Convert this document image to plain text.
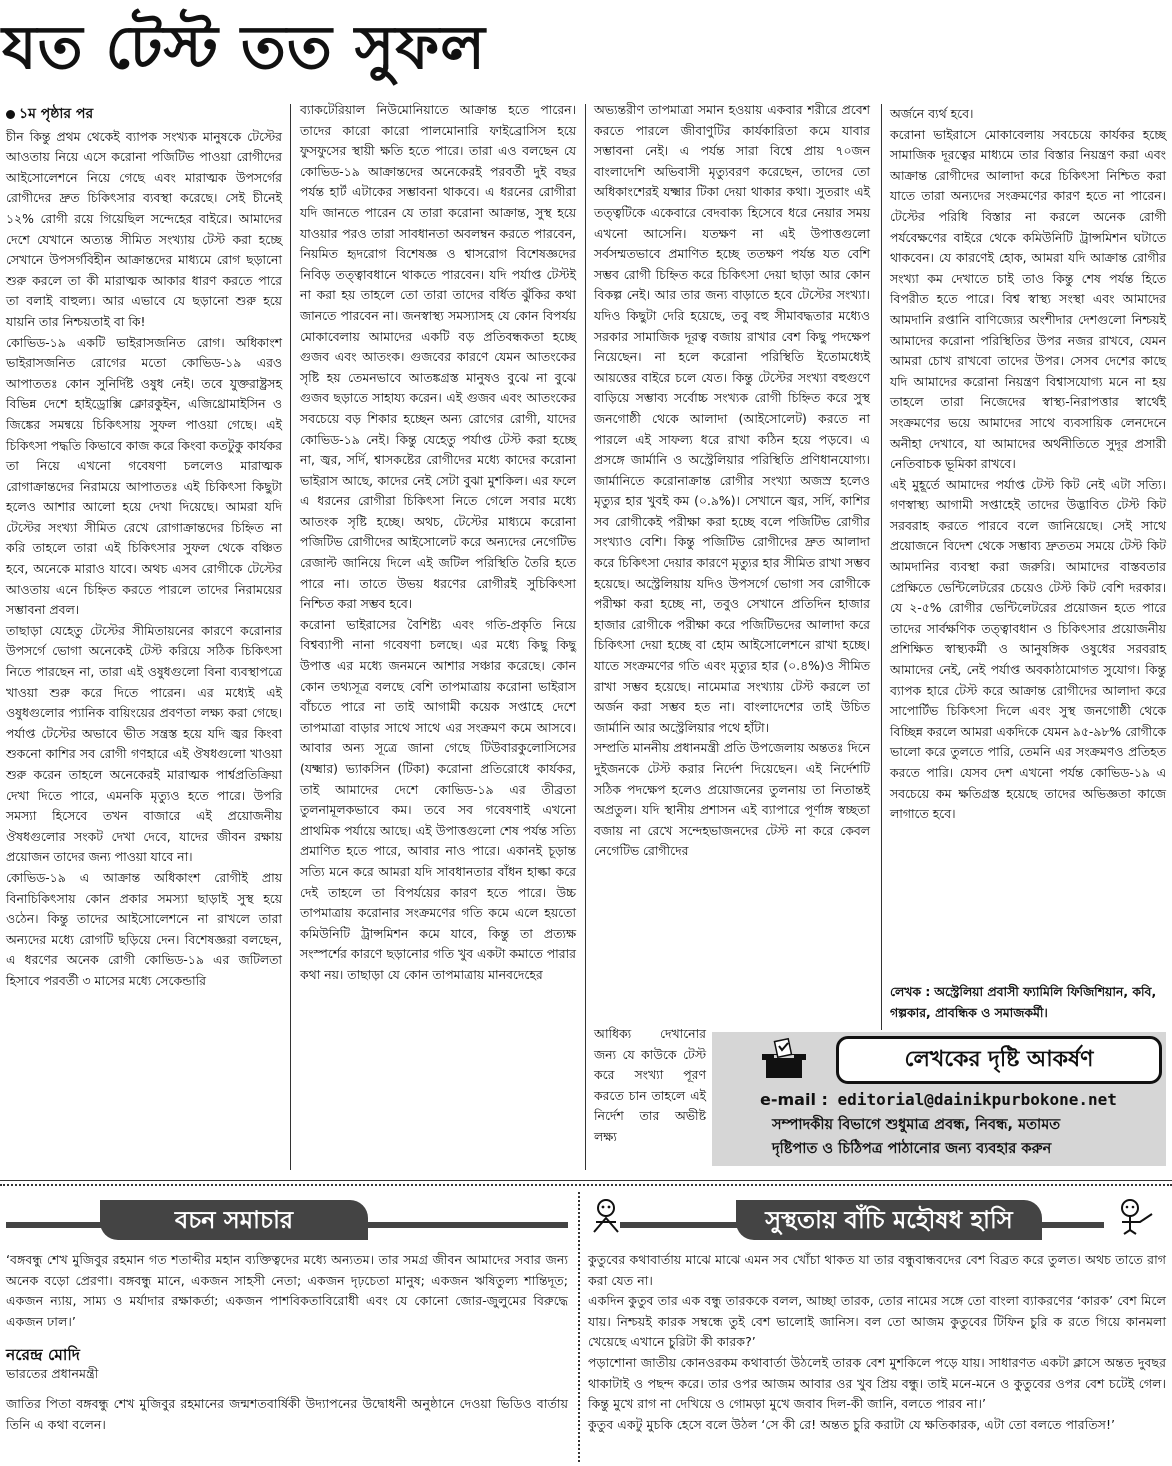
যত টেস্ট তত সুফল
১ম পৃষ্ঠার পর

চীন কিন্তু প্রথম থেকেই ব্যাপক সংখ্যক মানুষকে টেস্টের আওতায় নিয়ে এসে করোনা পজিটিভ পাওয়া রোগীদের আইসোলেশনে নিয়ে গেছে এবং মারাত্মক উপসর্গের রোগীদের দ্রুত চিকিৎসার ব্যবস্থা করেছে। সেই চীনেই ১২% রোগী রয়ে গিয়েছিল সন্দেহের বাইরে। আমাদের দেশে যেখানে অত্যন্ত সীমিত সংখ্যায় টেস্ট করা হচ্ছে সেখানে উপসর্গবিহীন আক্রান্তদের মাধ্যমে রোগ ছড়ানো শুরু করলে তা কী মারাত্মক আকার ধারণ করতে পারে তা বলাই বাহুল্য। আর এভাবে যে ছড়ানো শুরু হয়ে যায়নি তার নিশ্চয়তাই বা কি!

কোভিড-১৯ একটি ভাইরাসজনিত রোগ। অধিকাংশ ভাইরাসজনিত রোগের মতো কোভিড-১৯ এরও আপাততঃ কোন সুনির্দিষ্ট ওষুধ নেই। তবে যুক্তরাষ্ট্রসহ বিভিন্ন দেশে হাইড্রোক্সি ক্লোরকুইন, এজিথ্রোমাইসিন ও জিঙ্কের সমন্বয়ে চিকিৎসায় সুফল পাওয়া গেছে। এই চিকিৎসা পদ্ধতি কিভাবে কাজ করে কিংবা কতটুকু কার্যকর তা নিয়ে এখনো গবেষণা চললেও মারাত্মক রোগাক্রান্তদের নিরাময়ে আপাততঃ এই চিকিৎসা কিছুটা হলেও আশার আলো হয়ে দেখা দিয়েছে। আমরা যদি টেস্টের সংখ্যা সীমিত রেখে রোগাক্রান্তদের চিহ্নিত না করি তাহলে তারা এই চিকিৎসার সুফল থেকে বঞ্চিত হবে, অনেকে মারাও যাবে। অথচ এসব রোগীকে টেস্টের আওতায় এনে চিহ্নিত করতে পারলে তাদের নিরাময়ের সম্ভাবনা প্রবল।

তাছাড়া যেহেতু টেস্টের সীমিতায়নের কারণে করোনার উপসর্গে ভোগা অনেকেই টেস্ট করিয়ে সঠিক চিকিৎসা নিতে পারছেন না, তারা এই ওষুধগুলো বিনা ব্যবস্থাপত্রে খাওয়া শুরু করে দিতে পারেন। এর মধ্যেই এই ওষুধগুলোর প্যানিক বায়িংয়ের প্রবণতা লক্ষ্য করা গেছে। পর্যাপ্ত টেস্টের অভাবে ভীত সন্ত্রস্ত হয়ে যদি জ্বর কিংবা শুকনো কাশির সব রোগী গণহারে এই ঔষধগুলো খাওয়া শুরু করেন তাহলে অনেকেরই মারাত্মক পার্শ্বপ্রতিক্রিয়া দেখা দিতে পারে, এমনকি মৃত্যুও হতে পারে। উপরি সমস্যা হিসেবে তখন বাজারে এই প্রয়োজনীয় ঔষধগুলোর সংকট দেখা দেবে, যাদের জীবন রক্ষায় প্রয়োজন তাদের জন্য পাওয়া যাবে না।

কোভিড-১৯ এ আক্রান্ত অধিকাংশ রোগীই প্রায় বিনাচিকিৎসায় কোন প্রকার সমস্যা ছাড়াই সুস্থ হয়ে ওঠেন। কিন্তু তাদের আইসোলেশনে না রাখলে তারা অন্যদের মধ্যে রোগটি ছড়িয়ে দেন। বিশেষজ্ঞরা বলছেন, এ ধরণের অনেক রোগী কোভিড-১৯ এর জটিলতা হিসাবে পরবর্তী ৩ মাসের মধ্যে সেকেন্ডারি

ব্যাকটেরিয়াল নিউমোনিয়াতে আক্রান্ত হতে পারেন। তাদের কারো কারো পালমোনারি ফাইব্রোসিস হয়ে ফুসফুসের স্থায়ী ক্ষতি হতে পারে। তারা এও বলছেন যে কোভিড-১৯ আক্রান্তদের অনেকেরই পরবর্তী দুই বছর পর্যন্ত হার্ট এটাকের সম্ভাবনা থাকবে। এ ধরনের রোগীরা যদি জানতে পারেন যে তারা করোনা আক্রান্ত, সুস্থ হয়ে যাওয়ার পরও তারা সাবধানতা অবলম্বন করতে পারবেন, নিয়মিত হৃদরোগ বিশেষজ্ঞ ও শ্বাসরোগ বিশেষজ্ঞদের নিবিড় তত্ত্বাবধানে থাকতে পারবেন। যদি পর্যাপ্ত টেস্টই না করা হয় তাহলে তো তারা তাদের বর্ধিত ঝুঁকির কথা জানতে পারবেন না। জনস্বাস্থ্য সমস্যাসহ যে কোন বিপর্যয় মোকাবেলায় আমাদের একটি বড় প্রতিবন্ধকতা হচ্ছে গুজব এবং আতংক। গুজবের কারণে যেমন আতংকের সৃষ্টি হয় তেমনভাবে আতঙ্কগ্রস্ত মানুষও বুঝে না বুঝে গুজব ছড়াতে সাহায্য করেন। এই গুজব এবং আতংকের সবচেয়ে বড় শিকার হচ্ছেন অন্য রোগের রোগী, যাদের কোভিড-১৯ নেই। কিন্তু যেহেতু পর্যাপ্ত টেস্ট করা হচ্ছে না, জ্বর, সর্দি, শ্বাসকষ্টের রোগীদের মধ্যে কাদের করোনা ভাইরাস আছে, কাদের নেই সেটা বুঝা মুশকিল। এর ফলে এ ধরনের রোগীরা চিকিৎসা নিতে গেলে সবার মধ্যে আতংক সৃষ্টি হচ্ছে। অথচ, টেস্টের মাধ্যমে করোনা পজিটিভ রোগীদের আইসোলেট করে অন্যদের নেগেটিভ রেজাল্ট জানিয়ে দিলে এই জটিল পরিস্থিতি তৈরি হতে পারে না। তাতে উভয় ধরণের রোগীরই সুচিকিৎসা নিশ্চিত করা সম্ভব হবে।

করোনা ভাইরাসের বৈশিষ্ট্য এবং গতি-প্রকৃতি নিয়ে বিশ্বব্যাপী নানা গবেষণা চলছে। এর মধ্যে কিছু কিছু উপাত্ত এর মধ্যে জনমনে আশার সঞ্চার করেছে। কোন কোন তথ্যসূত্র বলছে বেশি তাপমাত্রায় করোনা ভাইরাস বাঁচতে পারে না তাই আগামী কয়েক সপ্তাহে দেশে তাপমাত্রা বাড়ার সাথে সাথে এর সংক্রমণ কমে আসবে। আবার অন্য সূত্রে জানা গেছে টিউবারকুলোসিসের (যক্ষ্মার) ভ্যাকসিন (টিকা) করোনা প্রতিরোধে কার্যকর, তাই আমাদের দেশে কোভিড-১৯ এর তীব্রতা তুলনামূলকভাবে কম। তবে সব গবেষণাই এখনো প্রাথমিক পর্যায়ে আছে। এই উপাত্তগুলো শেষ পর্যন্ত সত্যি প্রমাণিত হতে পারে, আবার নাও পারে। একানই চূড়ান্ত সত্যি মনে করে আমরা যদি সাবধানতার বাঁধন হাল্কা করে দেই তাহলে তা বিপর্যয়ের কারণ হতে পারে। উচ্চ তাপমাত্রায় করোনার সংক্রমণের গতি কমে এলে হয়তো কমিউনিটি ট্রান্সমিশন কমে যাবে, কিন্তু তা প্রত্যক্ষ সংস্পর্শের কারণে ছড়ানোর গতি খুব একটা কমাতে পারার কথা নয়। তাছাড়া যে কোন তাপমাত্রায় মানবদেহের

অভ্যন্তরীণ তাপমাত্রা সমান হওয়ায় একবার শরীরে প্রবেশ করতে পারলে জীবাণুটির কার্যকারিতা কমে যাবার সম্ভাবনা নেই। এ পর্যন্ত সারা বিশ্বে প্রায় ৭০জন বাংলাদেশি অভিবাসী মৃত্যুবরণ করেছেন, তাদের তো অধিকাংশেরই যক্ষ্মার টিকা দেয়া থাকার কথা। সুতরাং এই তত্ত্বটিকে একেবারে বেদবাক্য হিসেবে ধরে নেয়ার সময় এখনো আসেনি। যতক্ষণ না এই উপাত্তগুলো সর্বসম্মতভাবে প্রমাণিত হচ্ছে ততক্ষণ পর্যন্ত যত বেশি সম্ভব রোগী চিহ্নিত করে চিকিৎসা দেয়া ছাড়া আর কোন বিকল্প নেই। আর তার জন্য বাড়াতে হবে টেস্টের সংখ্যা। যদিও কিছুটা দেরি হয়েছে, তবু বহু সীমাবদ্ধতার মধ্যেও সরকার সামাজিক দূরত্ব বজায় রাখার বেশ কিছু পদক্ষেপ নিয়েছেন। না হলে করোনা পরিস্থিতি ইতোমধ্যেই আয়ত্তের বাইরে চলে যেত। কিন্তু টেস্টের সংখ্যা বহুগুণে বাড়িয়ে সম্ভাব্য সর্বোচ্চ সংখ্যক রোগী চিহ্নিত করে সুস্থ জনগোষ্ঠী থেকে আলাদা (আইসোলেট) করতে না পারলে এই সাফল্য ধরে রাখা কঠিন হয়ে পড়বে। এ প্রসঙ্গে জার্মানি ও অস্ট্রেলিয়ার পরিস্থিতি প্রণিধানযোগ্য। জার্মানিতে করোনাক্রান্ত রোগীর সংখ্যা অজস্র হলেও মৃত্যুর হার খুবই কম (০.৯%)। সেখানে জ্বর, সর্দি, কাশির সব রোগীকেই পরীক্ষা করা হচ্ছে বলে পজিটিভ রোগীর সংখ্যাও বেশি। কিন্তু পজিটিভ রোগীদের দ্রুত আলাদা করে চিকিৎসা দেয়ার কারণে মৃত্যুর হার সীমিত রাখা সম্ভব হয়েছে। অস্ট্রেলিয়ায় যদিও উপসর্গে ভোগা সব রোগীকে পরীক্ষা করা হচ্ছে না, তবুও সেখানে প্রতিদিন হাজার হাজার রোগীকে পরীক্ষা করে পজিটিভদের আলাদা করে চিকিৎসা দেয়া হচ্ছে বা হোম আইসোলেশনে রাখা হচ্ছে। যাতে সংক্রমণের গতি এবং মৃত্যুর হার (০.৪%)ও সীমিত রাখা সম্ভব হয়েছে। নামেমাত্র সংখ্যায় টেস্ট করলে তা অর্জন করা সম্ভব হত না। বাংলাদেশের তাই উচিত জার্মানি আর অস্ট্রেলিয়ার পথে হাঁটা।

সম্প্রতি মাননীয় প্রধানমন্ত্রী প্রতি উপজেলায় অন্ততঃ দিনে দুইজনকে টেস্ট করার নির্দেশ দিয়েছেন। এই নির্দেশটি সঠিক পদক্ষেপ হলেও প্রয়োজনের তুলনায় তা নিতান্তই অপ্রতুল। যদি স্থানীয় প্রশাসন এই ব্যাপারে পূর্ণাঙ্গ স্বচ্ছতা বজায় না রেখে সন্দেহভাজনদের টেস্ট না করে কেবল নেগেটিভ রোগীদের

আধিক্য দেখানোর জন্য যে কাউকে টেস্ট করে সংখ্যা পূরণ করতে চান তাহলে এই নির্দেশ তার অভীষ্ট লক্ষ্য

অর্জনে ব্যর্থ হবে।

করোনা ভাইরাসে মোকাবেলায় সবচেয়ে কার্যকর হচ্ছে সামাজিক দূরত্বের মাধ্যমে তার বিস্তার নিয়ন্ত্রণ করা এবং আক্রান্ত রোগীদের আলাদা করে চিকিৎসা নিশ্চিত করা যাতে তারা অন্যদের সংক্রমণের কারণ হতে না পারেন। টেস্টের পরিধি বিস্তার না করলে অনেক রোগী পর্যবেক্ষণের বাইরে থেকে কমিউনিটি ট্রান্সমিশন ঘটাতে থাকবেন। যে কারণেই হোক, আমরা যদি আক্রান্ত রোগীর সংখ্যা কম দেখাতে চাই তাও কিন্তু শেষ পর্যন্ত হিতে বিপরীত হতে পারে। বিশ্ব স্বাস্থ্য সংস্থা এবং আমাদের আমদানি রপ্তানি বাণিজ্যের অংশীদার দেশগুলো নিশ্চয়ই আমাদের করোনা পরিস্থিতির উপর নজর রাখবে, যেমন আমরা চোখ রাখবো তাদের উপর। সেসব দেশের কাছে যদি আমাদের করোনা নিয়ন্ত্রণ বিশ্বাসযোগ্য মনে না হয় তাহলে তারা নিজেদের স্বাস্থ্য-নিরাপত্তার স্বার্থেই সংক্রমণের ভয়ে আমাদের সাথে ব্যবসায়িক লেনদেনে অনীহা দেখাবে, যা আমাদের অর্থনীতিতে সুদূর প্রসারী নেতিবাচক ভূমিকা রাখবে।

এই মুহূর্তে আমাদের পর্যাপ্ত টেস্ট কিট নেই এটা সত্যি। গণস্বাস্থ্য আগামী সপ্তাহেই তাদের উদ্ভাবিত টেস্ট কিট সরবরাহ করতে পারবে বলে জানিয়েছে। সেই সাথে প্রয়োজনে বিদেশ থেকে সম্ভাব্য দ্রুততম সময়ে টেস্ট কিট আমদানির ব্যবস্থা করা জরুরি। আমাদের বাস্তবতার প্রেক্ষিতে ভেন্টিলেটরের চেয়েও টেস্ট কিট বেশি দরকার। যে ২-৫% রোগীর ভেন্টিলেটরের প্রয়োজন হতে পারে তাদের সার্বক্ষণিক তত্ত্বাবধান ও চিকিৎসার প্রয়োজনীয় প্রশিক্ষিত স্বাস্থ্যকর্মী ও আনুষঙ্গিক ওষুধের সরবরাহ আমাদের নেই, নেই পর্যাপ্ত অবকাঠামোগত সুযোগ। কিন্তু ব্যাপক হারে টেস্ট করে আক্রান্ত রোগীদের আলাদা করে সাপোর্টিভ চিকিৎসা দিলে এবং সুস্থ জনগোষ্ঠী থেকে বিচ্ছিন্ন করলে আমরা একদিকে যেমন ৯৫-৯৮% রোগীকে ভালো করে তুলতে পারি, তেমনি এর সংক্রমণও প্রতিহত করতে পারি। যেসব দেশ এখনো পর্যন্ত কোভিড-১৯ এ সবচেয়ে কম ক্ষতিগ্রস্ত হয়েছে তাদের অভিজ্ঞতা কাজে লাগাতে হবে।

লেখক : অস্ট্রেলিয়া প্রবাসী ফ্যামিলি ফিজিশিয়ান, কবি, গল্পকার, প্রাবন্ধিক ও সমাজকর্মী।
লেখকের দৃষ্টি আকর্ষণ
e-mail : editorial@dainikpurbokone.net
সম্পাদকীয় বিভাগে শুধুমাত্র প্রবন্ধ, নিবন্ধ, মতামত
দৃষ্টিপাত ও চিঠিপত্র পাঠানোর জন্য ব্যবহার করুন
বচন সমাচার
‘বঙ্গবন্ধু শেখ মুজিবুর রহমান গত শতাব্দীর মহান ব্যক্তিত্বদের মধ্যে অন্যতম। তার সমগ্র জীবন আমাদের সবার জন্য অনেক বড়ো প্রেরণা। বঙ্গবন্ধু মানে, একজন সাহসী নেতা; একজন দৃঢ়চেতা মানুষ; একজন ঋষিতুল্য শান্তিদূত; একজন ন্যায়, সাম্য ও মর্যাদার রক্ষাকর্তা; একজন পাশবিকতাবিরোধী এবং যে কোনো জোর-জুলুমের বিরুদ্ধে একজন ঢাল।’
নরেন্দ্র মোদি
ভারতের প্রধানমন্ত্রী
জাতির পিতা বঙ্গবন্ধু শেখ মুজিবুর রহমানের জন্মশতবার্ষিকী উদ্যাপনের উদ্বোধনী অনুষ্ঠানে দেওয়া ভিডিও বার্তায় তিনি এ কথা বলেন।
সুস্থতায় বাঁচি মহৌষধ হাসি

কুতুবের কথাবার্তায় মাঝে মাঝে এমন সব খোঁচা থাকত যা তার বন্ধুবান্ধবদের বেশ বিব্রত করে তুলত। অথচ তাতে রাগ করা যেত না।

একদিন কুতুব তার এক বন্ধু তারককে বলল, আচ্ছা তারক, তোর নামের সঙ্গে তো বাংলা ব্যাকরণের ‘কারক’ বেশ মিলে যায়। নিশ্চয়ই কারক সম্বন্ধে তুই বেশ ভালোই জানিস। বল তো আজম কুতুবের টিফিন চুরি ক রতে গিয়ে কানমলা খেয়েছে এখানে চুরিটা কী কারক?’

পড়াশোনা জাতীয় কোনওরকম কথাবার্তা উঠলেই তারক বেশ মুশকিলে পড়ে যায়। সাধারণত একটা ক্লাসে অন্তত দুবছর থাকাটাই ও পছন্দ করে। তার ওপর আজম আবার ওর খুব প্রিয় বন্ধু। তাই মনে-মনে ও কুতুবের ওপর বেশ চটেই গেল। কিন্তু মুখে রাগ না দেখিয়ে ও গোমড়া মুখে জবাব দিল-কী জানি, বলতে পারব না।’

কুতুব একটু মুচকি হেসে বলে উঠল ‘সে কী রে! অন্তত চুরি করাটা যে ক্ষতিকারক, এটা তো বলতে পারতিস!’
